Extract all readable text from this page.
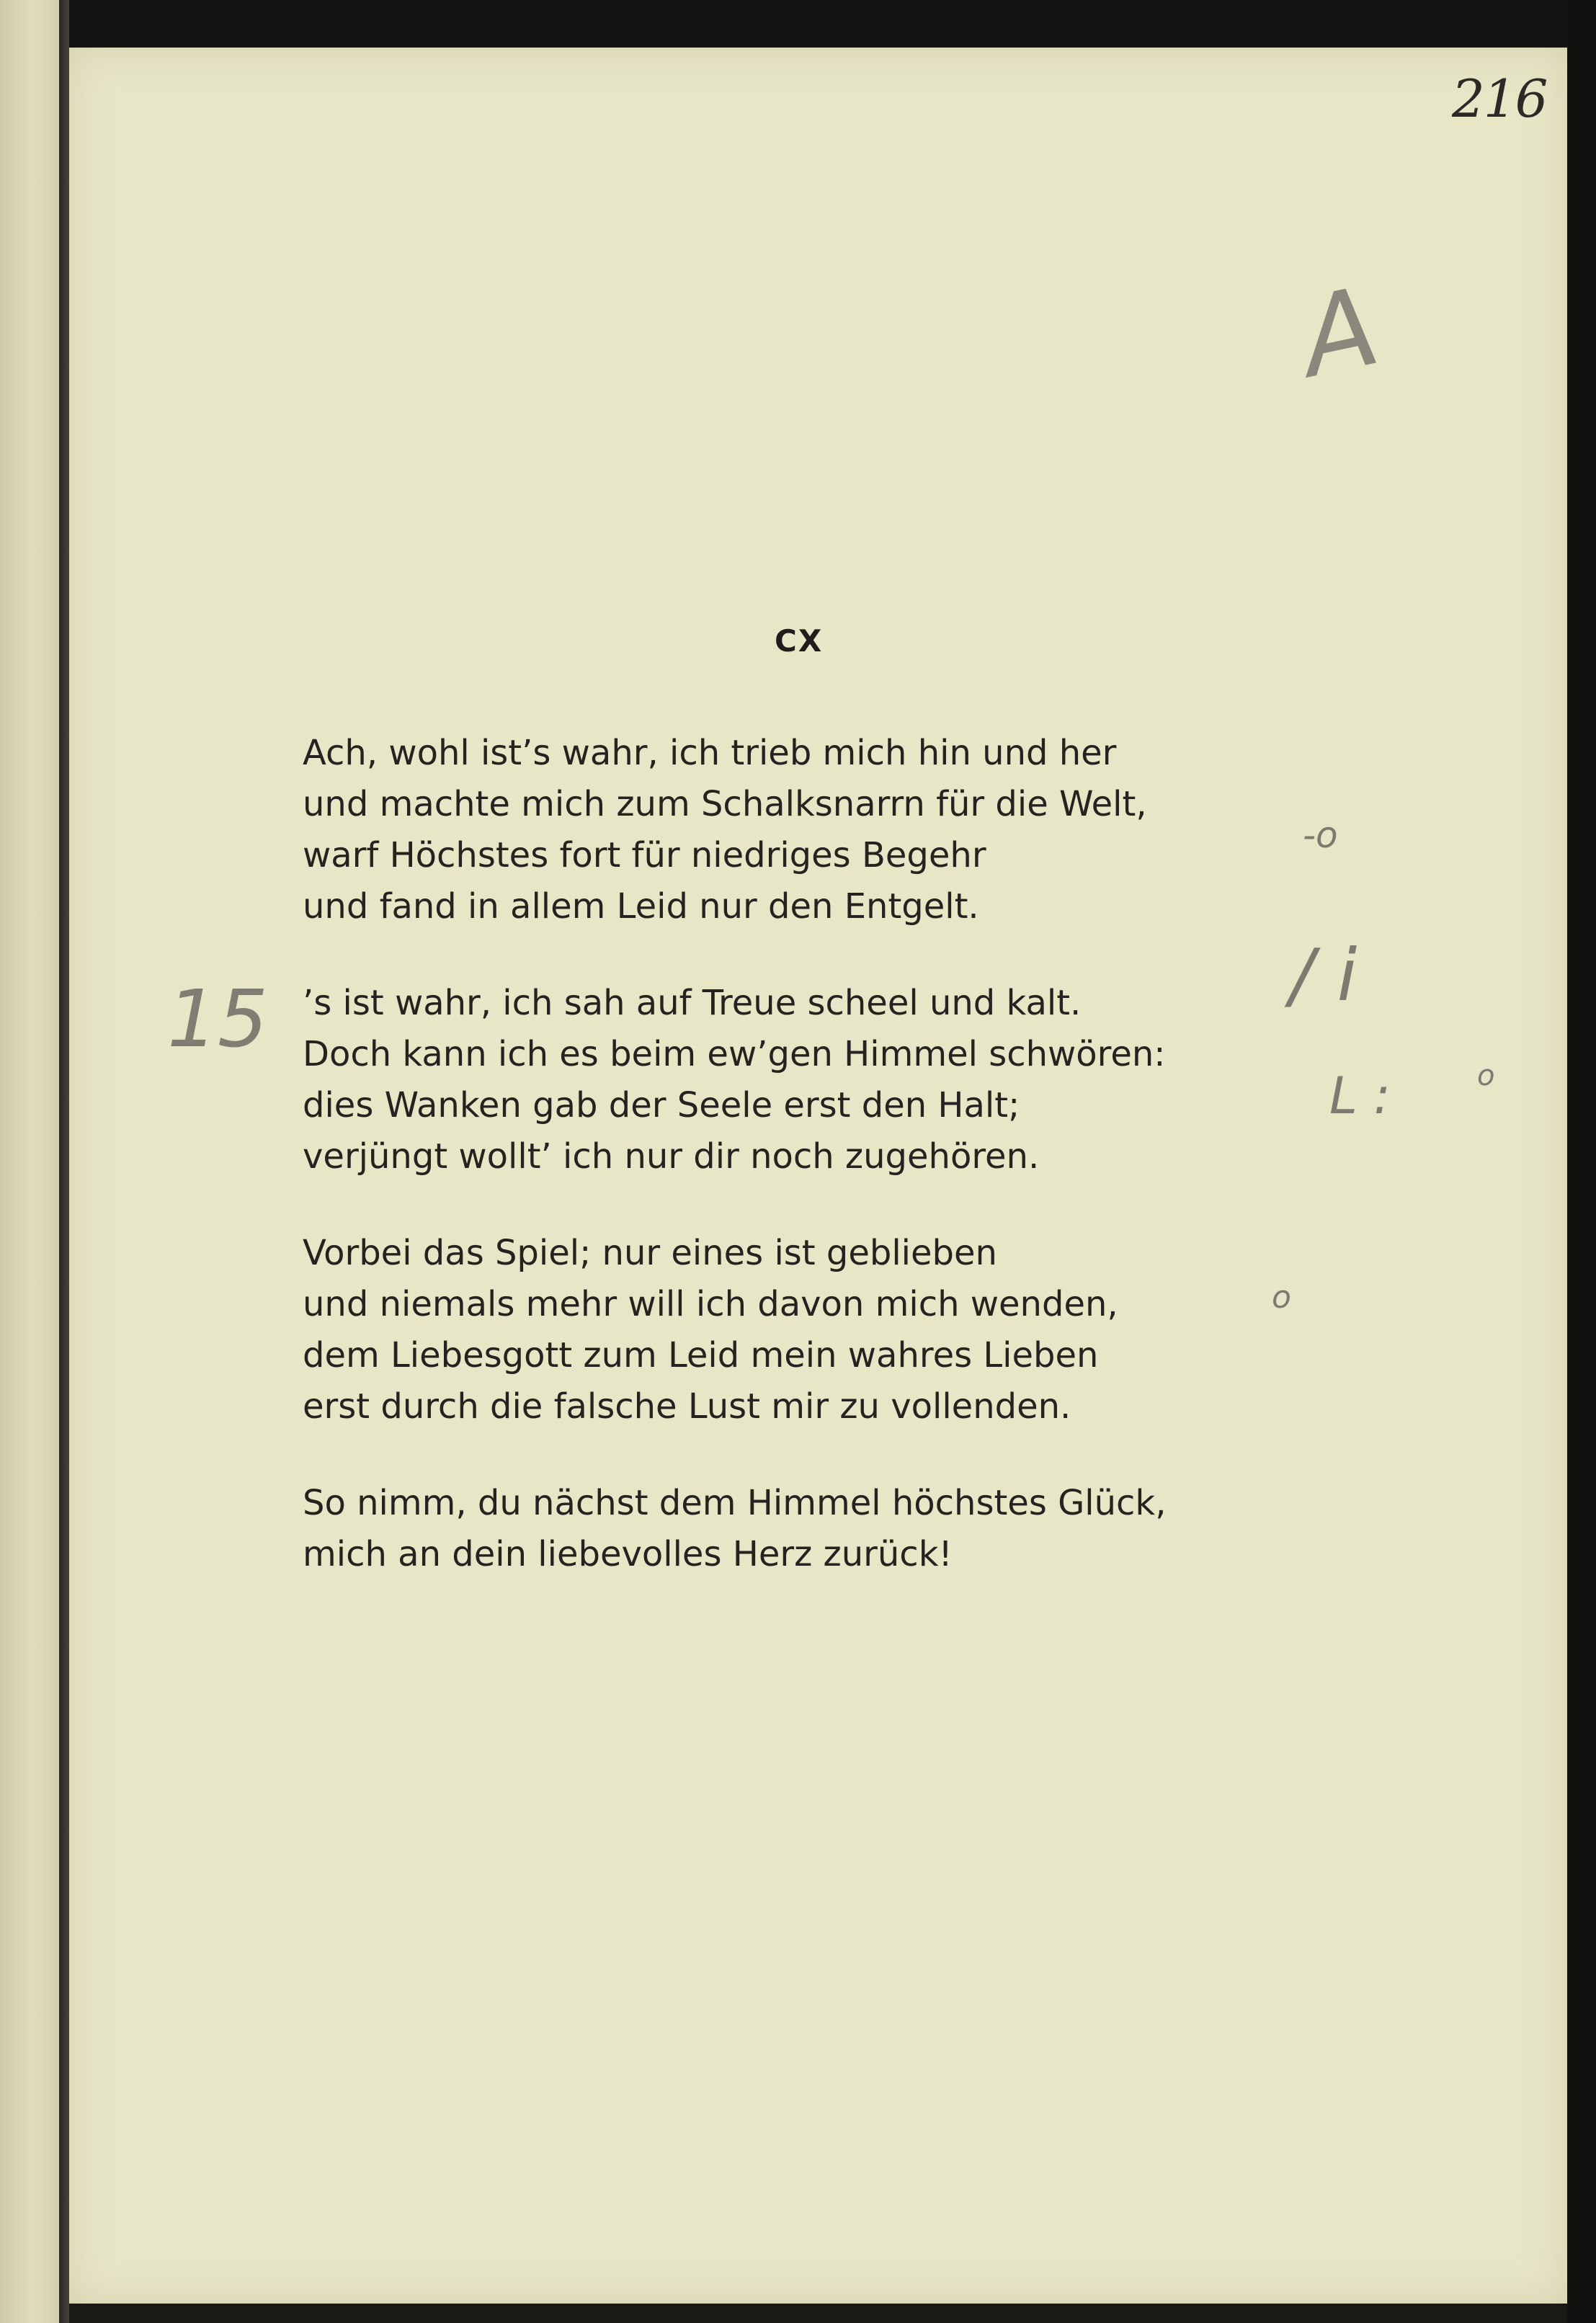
216
A
-o
15	/ i
L :	o
o
CX
Ach, wohl ist’s wahr, ich trieb mich hin und her
und machte mich zum Schalksnarrn für die Welt,
warf Höchstes fort für niedriges Begehr
und fand in allem Leid nur den Entgelt.
’s ist wahr, ich sah auf Treue scheel und kalt.
Doch kann ich es beim ew’gen Himmel schwören:
dies Wanken gab der Seele erst den Halt;
verjüngt wollt’ ich nur dir noch zugehören.
Vorbei das Spiel; nur eines ist geblieben
und niemals mehr will ich davon mich wenden,
dem Liebesgott zum Leid mein wahres Lieben
erst durch die falsche Lust mir zu vollenden.
So nimm, du nächst dem Himmel höchstes Glück,
mich an dein liebevolles Herz zurück!
